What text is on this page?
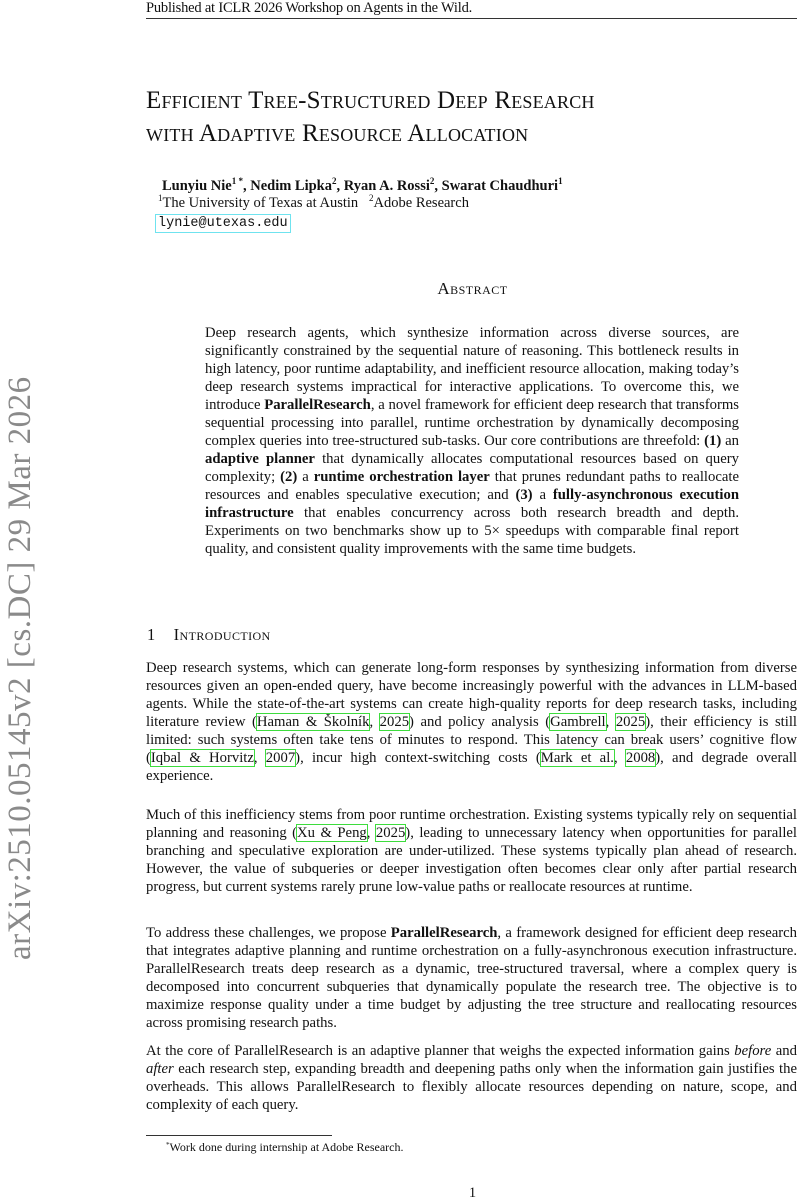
Published at ICLR 2026 Workshop on Agents in the Wild.
Efficient Tree-Structured Deep Research
with Adaptive Resource Allocation
Lunyiu Nie$^{1 *}$, Nedim Lipka$^2$, Ryan A. Rossi$^2$, Swarat Chaudhuri$^1$
$^1$The University of Texas at Austin $^2$Adobe Research
lynie@utexas.edu
arXiv:2510.05145v2 [cs.DC] 29 Mar 2026
Abstract
Deep research agents, which synthesize information across diverse sources, are significantly constrained by the sequential nature of reasoning. This bottleneck results in high latency, poor runtime adaptability, and inefficient resource allocation, making today’s deep research systems impractical for interactive applications. To overcome this, we introduce ParallelResearch, a novel framework for efficient deep research that transforms sequential processing into parallel, runtime orchestration by dynamically decomposing complex queries into tree-structured sub-tasks. Our core contributions are threefold: (1) an adaptive planner that dynamically allocates computational resources based on query complexity; (2) a runtime orchestration layer that prunes redundant paths to reallocate resources and enables speculative execution; and (3) a fully-asynchronous execution infrastructure that enables concurrency across both research breadth and depth. Experiments on two benchmarks show up to 5× speedups with comparable final report quality, and consistent quality improvements with the same time budgets.
1 Introduction
Deep research systems, which can generate long-form responses by synthesizing information from diverse resources given an open-ended query, have become increasingly powerful with the advances in LLM-based agents. While the state-of-the-art systems can create high-quality reports for deep research tasks, including literature review (Haman & Školník, 2025) and policy analysis (Gambrell, 2025), their efficiency is still limited: such systems often take tens of minutes to respond. This latency can break users’ cognitive flow (Iqbal & Horvitz, 2007), incur high context-switching costs (Mark et al., 2008), and degrade overall experience.
Much of this inefficiency stems from poor runtime orchestration. Existing systems typically rely on sequential planning and reasoning (Xu & Peng, 2025), leading to unnecessary latency when opportunities for parallel branching and speculative exploration are under-utilized. These systems typically plan ahead of research. However, the value of subqueries or deeper investigation often becomes clear only after partial research progress, but current systems rarely prune low-value paths or reallocate resources at runtime.
To address these challenges, we propose ParallelResearch, a framework designed for efficient deep research that integrates adaptive planning and runtime orchestration on a fully-asynchronous execution infrastructure. ParallelResearch treats deep research as a dynamic, tree-structured traversal, where a complex query is decomposed into concurrent subqueries that dynamically populate the research tree. The objective is to maximize response quality under a time budget by adjusting the tree structure and reallocating resources across promising research paths.
At the core of ParallelResearch is an adaptive planner that weighs the expected information gains before and after each research step, expanding breadth and deepening paths only when the information gain justifies the overheads. This allows ParallelResearch to flexibly allocate resources depending on nature, scope, and complexity of each query.
*Work done during internship at Adobe Research.
1
